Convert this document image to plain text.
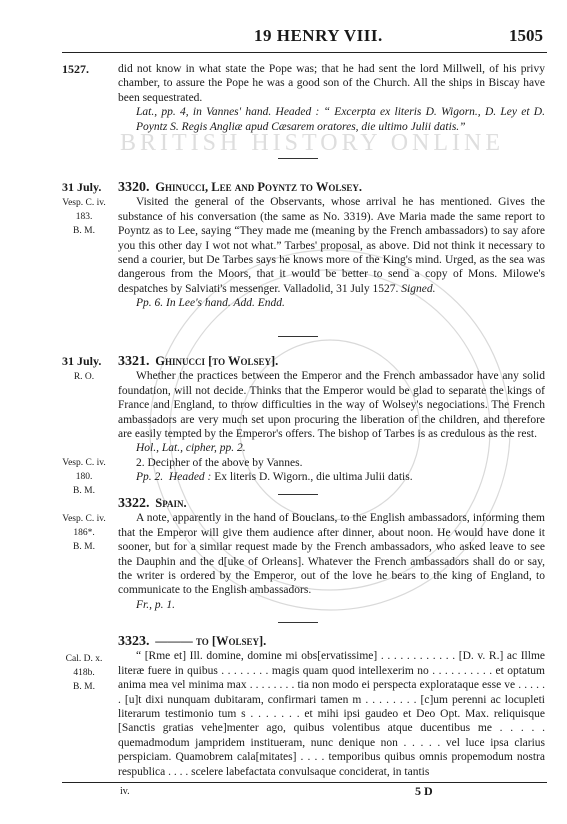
19 HENRY VIII.	1505
BRITISH HISTORY ONLINE
1527.	did not know in what state the Pope was; that he had sent the lord Millwell, of his privy chamber, to assure the Pope he was a good son of the Church. All the ships in Biscay have been sequestrated.

Lat., pp. 4, in Vannes' hand. Headed : “ Excerpta ex literis D. Wigorn., D. Ley et D. Poyntz S. Regis Angliæ apud Cæsarem oratores, die ultimo Julii datis.”

31 July.
Vesp. C. iv.
183.
B. M.

3320. Ghinucci, Lee and Poyntz to Wolsey.

Visited the general of the Observants, whose arrival he has mentioned. Gives the substance of his conversation (the same as No. 3319). Ave Maria made the same report to Poyntz as to Lee, saying “They made me (meaning by the French ambassadors) to say afore you this other day I wot not what.” Tarbes' proposal, as above. Did not think it necessary to send a courier, but De Tarbes says he knows more of the King's mind. Urged, as the sea was dangerous from the Moors, that it would be better to send a copy of Mons. Milowe's despatches by Salviati's messenger. Valladolid, 31 July 1527. Signed.

Pp. 6. In Lee's hand. Add. Endd.

31 July.
R. O.

3321. Ghinucci [to Wolsey].

Whether the practices between the Emperor and the French ambassador have any solid foundation, will not decide. Thinks that the Emperor would be glad to separate the kings of France and England, to throw difficulties in the way of Wolsey's negociations. The French ambassadors are very much set upon procuring the liberation of the children, and therefore are easily tempted by the Emperor's offers. The bishop of Tarbes is as credulous as the rest.

Hol., Lat., cipher, pp. 2.

Vesp. C. iv.
180.
B. M.

2. Decipher of the above by Vannes.

Pp. 2. Headed : Ex literis D. Wigorn., die ultima Julii datis.

Vesp. C. iv.
186*.
B. M.

3322. Spain.

A note, apparently in the hand of Bouclans, to the English ambassadors, informing them that the Emperor will give them audience after dinner, about noon. He would have done it sooner, but for a similar request made by the French ambassadors, who asked leave to see the Dauphin and the d[uke of Orleans]. Whatever the French ambassadors shall do or say, the writer is ordered by the Emperor, out of the love he bears to the king of England, to communicate to the English ambassadors.

Fr., p. 1.

Cal. D. x. 418b.
B. M.

3323. ——— to [Wolsey].

“ [Rme et] Ill. domine, domine mi obs[ervatissime] . . . . . . . . . . . . [D. v. R.] ac Illme literæ fuere in quibus . . . . . . . . magis quam quod intellexerim no . . . . . . . . . . et optatum anima mea vel minima max . . . . . . . . tia non modo ei perspecta explorataque esse ve . . . . . . [u]t dixi nunquam dubitaram, confirmari tamen m . . . . . . . . [c]um perenni ac locupleti literarum testimonio tum s . . . . . . . et mihi ipsi gaudeo et Deo Opt. Max. reliquisque [Sanctis gratias vehe]menter ago, quibus volentibus atque ducentibus me . . . . . quemadmodum jampridem institueram, nunc denique non . . . . . vel luce ipsa clarius perspiciam. Quamobrem cala[mitates] . . . . temporibus quibus omnis propemodum nostra respublica . . . . scelere labefactata convulsaque conciderat, in tantis

iv.	5 D
